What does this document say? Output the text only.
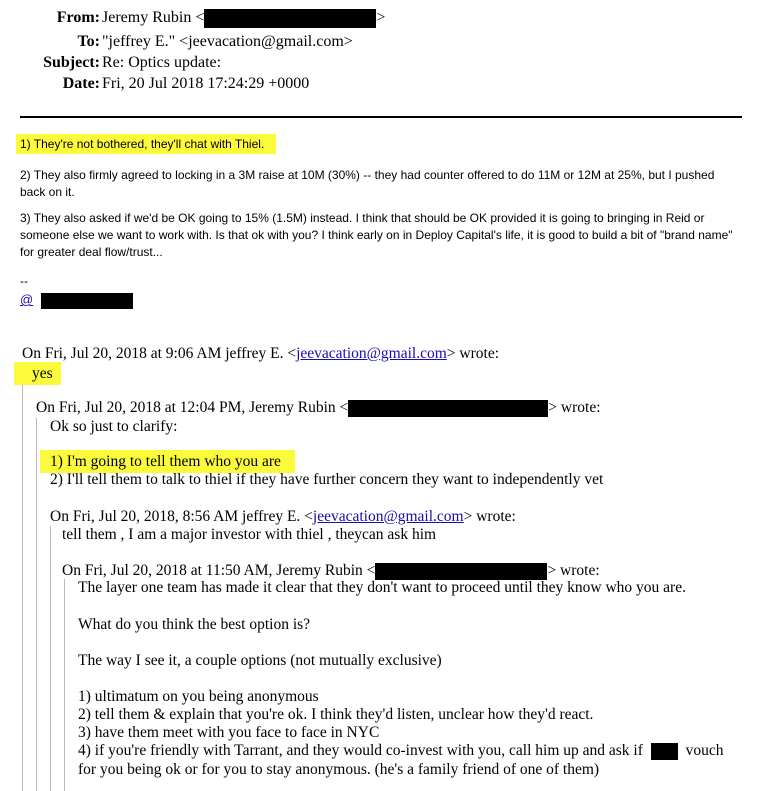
From: Jeremy Rubin <	>
To: "jeffrey E." <jeevacation@gmail.com>
Subject: Re: Optics update:
Date: Fri, 20 Jul 2018 17:24:29 +0000
1) They're not bothered, they'll chat with Thiel.
2) They also firmly agreed to locking in a 3M raise at 10M (30%) -- they had counter offered to do 11M or 12M at 25%, but I pushed back on it.
3) They also asked if we'd be OK going to 15% (1.5M) instead. I think that should be OK provided it is going to bringing in Reid or someone else we want to work with. Is that ok with you? I think early on in Deploy Capital's life, it is good to build a bit of "brand name" for greater deal flow/trust...
--
@
On Fri, Jul 20, 2018 at 9:06 AM jeffrey E. <jeevacation@gmail.com> wrote:
yes
On Fri, Jul 20, 2018 at 12:04 PM, Jeremy Rubin <	> wrote:
Ok so just to clarify:
1) I'm going to tell them who you are
2) I'll tell them to talk to thiel if they have further concern they want to independently vet
On Fri, Jul 20, 2018, 8:56 AM jeffrey E. <jeevacation@gmail.com> wrote:
tell them , I am a major investor with thiel , theycan ask him
On Fri, Jul 20, 2018 at 11:50 AM, Jeremy Rubin <	> wrote:
The layer one team has made it clear that they don't want to proceed until they know who you are.
What do you think the best option is?
The way I see it, a couple options (not mutually exclusive)
1) ultimatum on you being anonymous
2) tell them & explain that you're ok. I think they'd listen, unclear how they'd react.
3) have them meet with you face to face in NYC
4) if you're friendly with Tarrant, and they would co-invest with you, call him up and ask if	vouch
for you being ok or for you to stay anonymous. (he's a family friend of one of them)
